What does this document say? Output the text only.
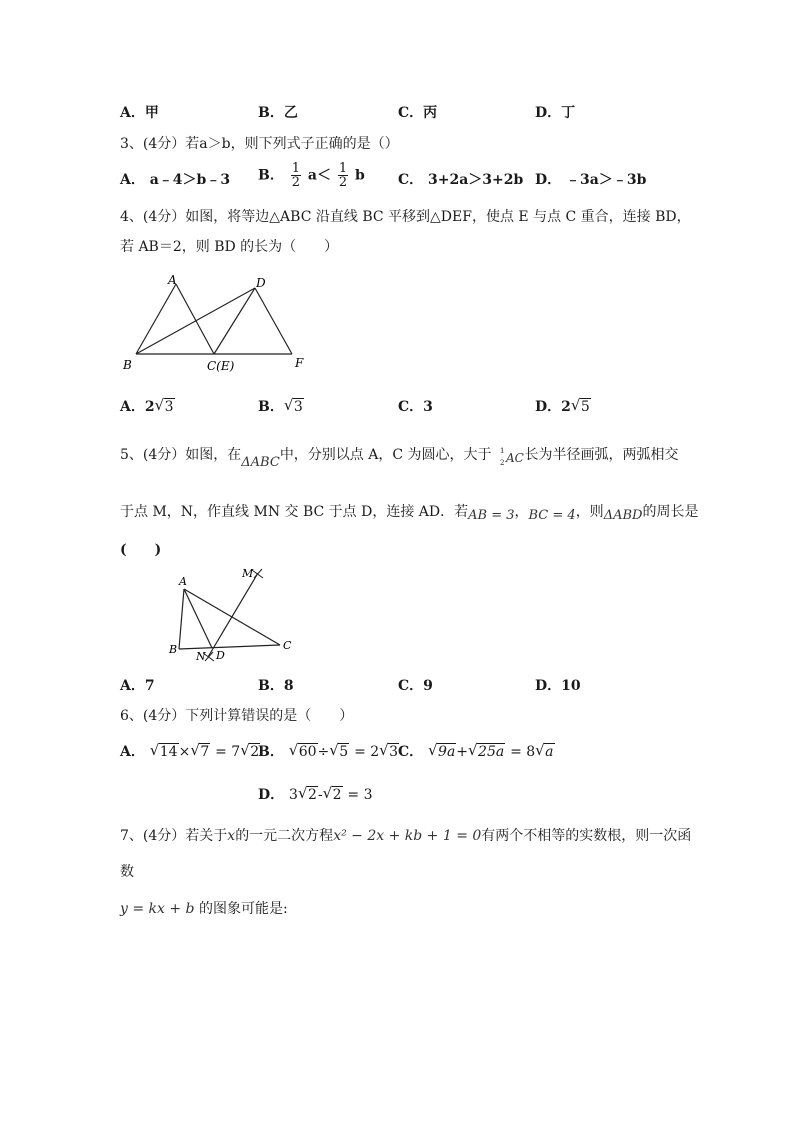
A．甲	B．乙	C．丙	D．丁
3、(4分）若a＞b，则下列式子正确的是（）
A． a﹣4＞b﹣3 B． $\frac{1}{2} a< \frac{1}{2}$ b C． 3+2a＞3+2b D． ﹣3a＞﹣3b
4、(4分）如图，将等边△ABC 沿直线 BC 平移到△DEF，使点 E 与点 C 重合，连接 BD，
若 AB＝2，则 BD 的长为（　　）
A	D
B	C(E)	F
A．2 √ 3	B． √ 3	C．3	D．2 √ 5
5、(4分）如图，在ΔABC中，分别以点 A，C 为圆心，大于 1
2 AC 长为半径画弧，两弧相交
于点 M，N，作直线 MN 交 BC 于点 D，连接 AD．若AB = 3，BC = 4，则ΔABD的周长是
(　　)
A
M
B	C
N D
A．7	B．8	C．9	D．10
6、(4分）下列计算错误的是（　　）
A． √ 14× √ 7 = 7 √ 2
B． √ 60÷ √ 5 = 2 √ 3 C． √ 9a+ √ 25a = 8 √ a
D． 3 √ 2- √ 2 = 3
7、(4分）若关于x的一元二次方程x² − 2x + kb + 1 = 0有两个不相等的实数根，则一次函
数
y = kx + b 的图象可能是:
